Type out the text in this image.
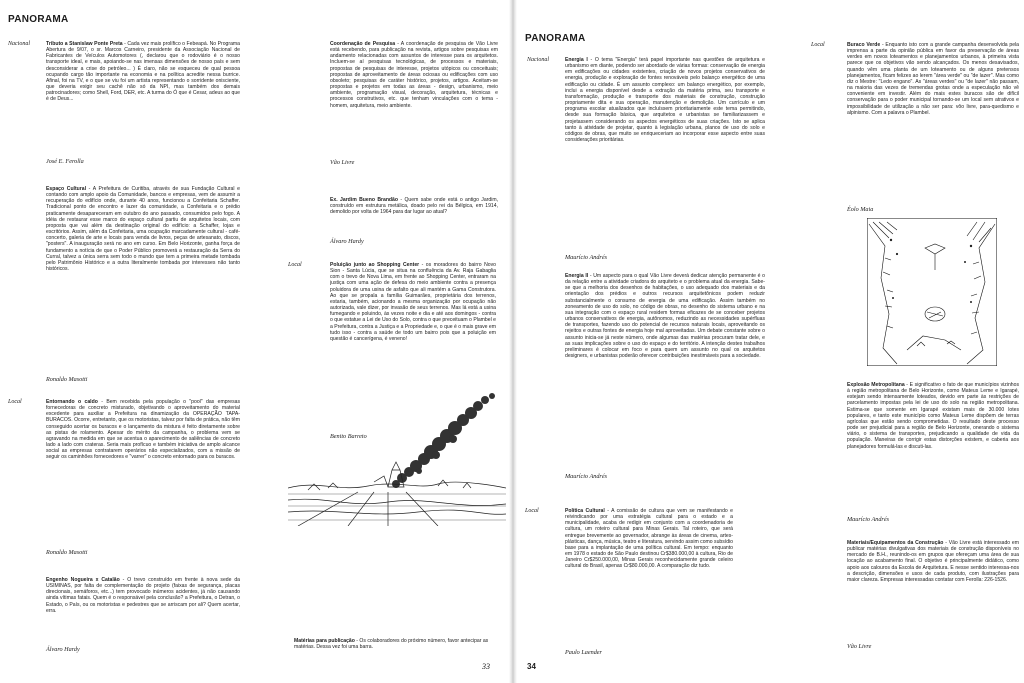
PANORAMA
Nacional
Local
Local
Tributo a Stanislaw Ponte Preta - Cada vez mais prolífico o Febeapá. No Programa Abertura de 9/07, o sr. Marcos Carneiro, presidente da Associação Nacional de Fabricantes de Veículos Automotores (, declarou que o rodoviário é o nosso transporte ideal, e mais, apoiando-se nas imensas dimensões de nosso país e sem desconsiderar a crise do petróleo... ) É claro, não se esqueceu de qual pessoa ocupando cargo tão importante na economia e na política acredite nessa burrice. Afinal, foi na TV, e o que se viu foi um artista representando o sorridente onisciente, que deveria exigir seu cachê não só da NPI, mas também dos demais patrocinadores; como Shell, Ford, DER, etc. A turma do Ó que é Cesar, adeus ao que é de Deus...
José E. Ferolla
Espaço Cultural - A Prefeitura de Curitiba, através de sua Fundação Cultural e contando com amplo apoio da Comunidade, bancos e empresas, vem de assumir a recuperação do edifício onde, durante 40 anos, funcionou a Confeitaria Schaffer. Tradicional ponto de encontro e lazer da comunidade, a Confeitaria e o prédio praticamente desapareceram em outubro do ano passado, consumidos pelo fogo. A idéia de restaurar esse marco do espaço cultural partiu de arquitetos locais, com proposta que vai além da destinação original do edifício: a Schaffer, lojas e escritórios. Assim, além da Confeitaria, uma ocupação marcadamente cultural - café-concerto, galeria de arte e locais para venda de livros, peças de artesanato, discos, "posters". A inauguração será no ano em curso. Em Belo Horizonte, ganha força de fundamento a notícia de que o Poder Público promoverá a restauração da Serra do Curral, talvez a única serra sem todo o mundo que tem a primeira metade tombada pelo Patrimônio Histórico e a outra literalmente tombada por interesses não tanto históricos.
Ronaldo Masotti
Entornando o caldo - Bem recebida pela população o "pool" das empresas fornecedoras de concreto misturado, objetivando o aproveitamento do material excedente para auxiliar a Prefeitura na dinamização da OPERAÇÃO TAPA-BURACOS. Ocorre, entretanto, que os motoristas, talvez por falta de prática, não têm conseguido acertar os buracos e o lançamento da mistura é feito diretamente sobre as pistas de rolamento. Apesar do mérito da campanha, o problema vem se agravando na medida em que se acentua o aparecimento de saliências de concreto lado a lado com crateras. Seria mais profícuo e também iniciativa de amplo alcance social as empresas contratarem operários não especializados, com a missão de seguir os caminhões fornecedores e "varrer" o concreto entornado para os buracos.
Ronaldo Masotti
Engenho Nogueira x Catalão - O trevo construído em frente à nova sede da USIMINAS, por falta de complementação do projeto (faixas de segurança, placas direcionais, semáforos, etc...) tem provocado inúmeros acidentes, já não causando ainda vítimas fatais. Quem é o responsável pela conclusão? a Prefeitura, o Detran, o Estado, o País, ou os motoristas e pedestres que se arriscam por ali? Quem acertar, erra.
Álvaro Hardy
Coordenação de Pesquisa - A coordenação de pesquisa de Vão Livre está recebendo, para publicação na revista, artigos sobre pesquisas em andamento relacionadas com assuntos de interesse para os arquitetos. Incluem-se aí pesquisas tecnológicas, de processos e materiais, propostas de pesquisas de interesse, projetos utópicos ou conceituais; propostas de aproveitamento de áreas ociosas ou edificações com uso obsoleto; pesquisas de caráter histórico, projetos, artigos. Aceitam-se propostas e projetos em todas as áreas - design, urbanismo, meio ambiente, programação visual, decoração, arquitetura, técnicas e processos construtivos, etc. que tenham vinculações com o tema - homem, arquitetura, meio ambiente.
Vão Livre
Ex. Jardim Bueno Brandão - Quem sabe onde está o antigo Jardim, construído em estrutura metálica, doado pelo rei da Bélgica, em 1914, demolido por volta de 1964 para dar lugar ao atual?
Álvaro Hardy
Poluição junto ao Shopping Center - os moradores do bairro Novo Sion - Santa Lúcia, que se situa na confluência da Av. Raja Gabaglia com o trevo de Nova Lima, em frente ao Shopping Center, entraram na justiça com uma ação de defesa do meio ambiente contra a presença poluidora de uma usina de asfalto que ali mantém a Gama Construtora. Ao que se propala a família Guimarães, proprietária dos terrenos, estaria, também, acionando a mesma organização por ocupação não autorizada, vale dizer, por invasão de seus terrenos. Mas lá está a usina fumegando e poluindo, às vezes noite e dia e até aos domingos - contra o que estatue a Lei de Uso do Solo, contra o que preceituam o Plambel e a Prefeitura, contra a Justiça e a Propriedade e, o que é o mais grave em tudo isso - contra a saúde de todo um bairro pois que a poluição em questão é cancerígena, é veneno!
Benito Barreto
Matérias para publicação - Os colaboradores do próximo número, favor antecipar as matérias. Dessa vez foi uma barra.
33
PANORAMA
Nacional
Local
Local
Energia I - O tema "Energia" terá papel importante nas questões de arquitetura e urbanismo em diante, podendo ser abordado de várias formas: conservação de energia em edificações ou cidades existentes, criação de novos projetos conservativos de energia, produção e exploração de fontes renováveis pelo balanço energético de uma edificação ou cidade. É um assunto complexo: um balanço energético, por exemplo, inclui a energia disponível desde a extração da matéria prima, seu transporte e transformação, produção e transporte dos materiais de construção, construção propriamente dita e sua operação, manutenção e demolição. Um currículo e um programa escolar atualizados que incluíssem prioritariamente este tema permitindo, desde sua formação básica, que arquitetos e urbanistas se familiarizassem e projetassem considerando os aspectos energéticos de suas criações. Isto se aplica tanto à atividade de projetar, quanto à legislação urbana, planos de uso do solo e códigos de obras, que muito se enriqueceriam ao incorporar esse aspecto entre suas considerações prioritárias.
Maurício Andrés
Energia II - Um aspecto para o qual Vão Livre deverá dedicar atenção permanente é o da relação entre a atividade criadora do arquiteto e o problema atual da energia. Sabe-se que a melhoria dos desenhos de habitações, o uso adequado dos materiais e da orientação dos prédios e outros recursos arquitetônicos podem reduzir substancialmente o consumo de energia de uma edificação. Assim também no zoneamento de uso do solo, no código de obras, no desenho do sistema urbano e na sua integração com o espaço rural residem formas eficazes de se conceber projetos urbanos conservativos de energia, autônomos, reduzindo as necessidades supérfluas de transportes, fazendo uso do potencial de recursos naturais locais, aproveitando os rejeitos e outras fontes de energia hoje mal aproveitadas. Um debate constante sobre o assunto inicia-se já neste número, onde algumas das matérias procuram tratar dele, e as suas implicações sobre o uso do espaço e do território. A intenção destes trabalhos preliminares é colocar em foco e para quem um assunto no qual os arquitetos designers, e urbanistas poderão oferecer contribuições inestimáveis para a sociedade.
Maurício Andrés
Política Cultural - A comissão de cultura que vem se manifestando e reivindicando por uma estratégia cultural para o estado e a municipalidade, acaba de redigir em conjunto com a coordenadoria de cultura, um roteiro cultural para Minas Gerais. Tal roteiro, que será entregue brevemente ao governador, abrange às áreas de cinema, artes-plásticas, dança, música, teatro e literatura, servindo assim como subsídio base para a implantação de uma política cultural. Em tempo: enquanto em 1978 o estado de São Paulo destinou Cr$380.000,00 à cultura, Rio de Janeiro Cr$250.000,00, Minas Gerais reconhecidamente grande celeiro cultural do Brasil, apenas Cr$80.000,00. A comparação diz tudo.
Paulo Laender
Buraco Verde - Enquanto isto com a grande campanha desenvolvida pela imprensa a parte da opinião pública em favor da preservação de áreas verdes em novos loteamentos e planejamentos urbanos, à primeira vista parece que os objetivos vão sendo alcançados. Os menos desavisados, quando vêm uma planta de um loteamento ou de alguns pretensos planejamentos, ficam felizes ao lerem "área verde" ou "de lazer". Mas como diz o Mestre: "Ledo engano". As "áreas verdes" ou "de lazer" não passam, na maioria das vezes de tremendas grotas onde a especulação não vê conveniente em investir. Além do mais estes buracos são de difícil conservação para o poder municipal tornando-se um local sem atrativos e impossibilidade de utilização a não ser para: vôo livre, para-quedismo e alpinismo. Com a palavra o Plambel.
Éolo Maia
Explosão Metropolitana - É significativo o fato de que municípios vizinhos à região metropolitana de Belo Horizonte, como Mateus Leme e Igarapé, estejam sendo intensamente loteados, devido em parte às restrições de parcelamento impostas pela lei de uso do solo na região metropolitana. Estima-se que somente em Igarapé existam mais de 30.000 lotes populares, e tanto este município como Mateus Leme dispõem de terras agrícolas que estão sendo comprometidas. O resultado deste processo pode ser prejudicial para a região de Belo Horizonte, onerando o sistema viário, o sistema de transportes, prejudicando a qualidade de vida da população. Maneiras de corrigir estas distorções existem, e caberia aos planejadores formulá-las e discuti-las.
Maurício Andrés
Materiais/Equipamentos da Construção - Vão Livre está interessado em publicar matérias divulgativas dos materiais de construção disponíveis no mercado de B.H., reunindo-os em grupos que ofereçam uma área de sua locação ao acabamento final. O objetivo é principalmente didático, como apoio aos calouros da Escola de Arquitetura. E nesse sentido interessa-nos a descrição, dimensões e usos de cada produto, com ilustrações para maior clareza. Empresas interessadas contatar com Ferolla: 226-1526.
Vão Livre
34
